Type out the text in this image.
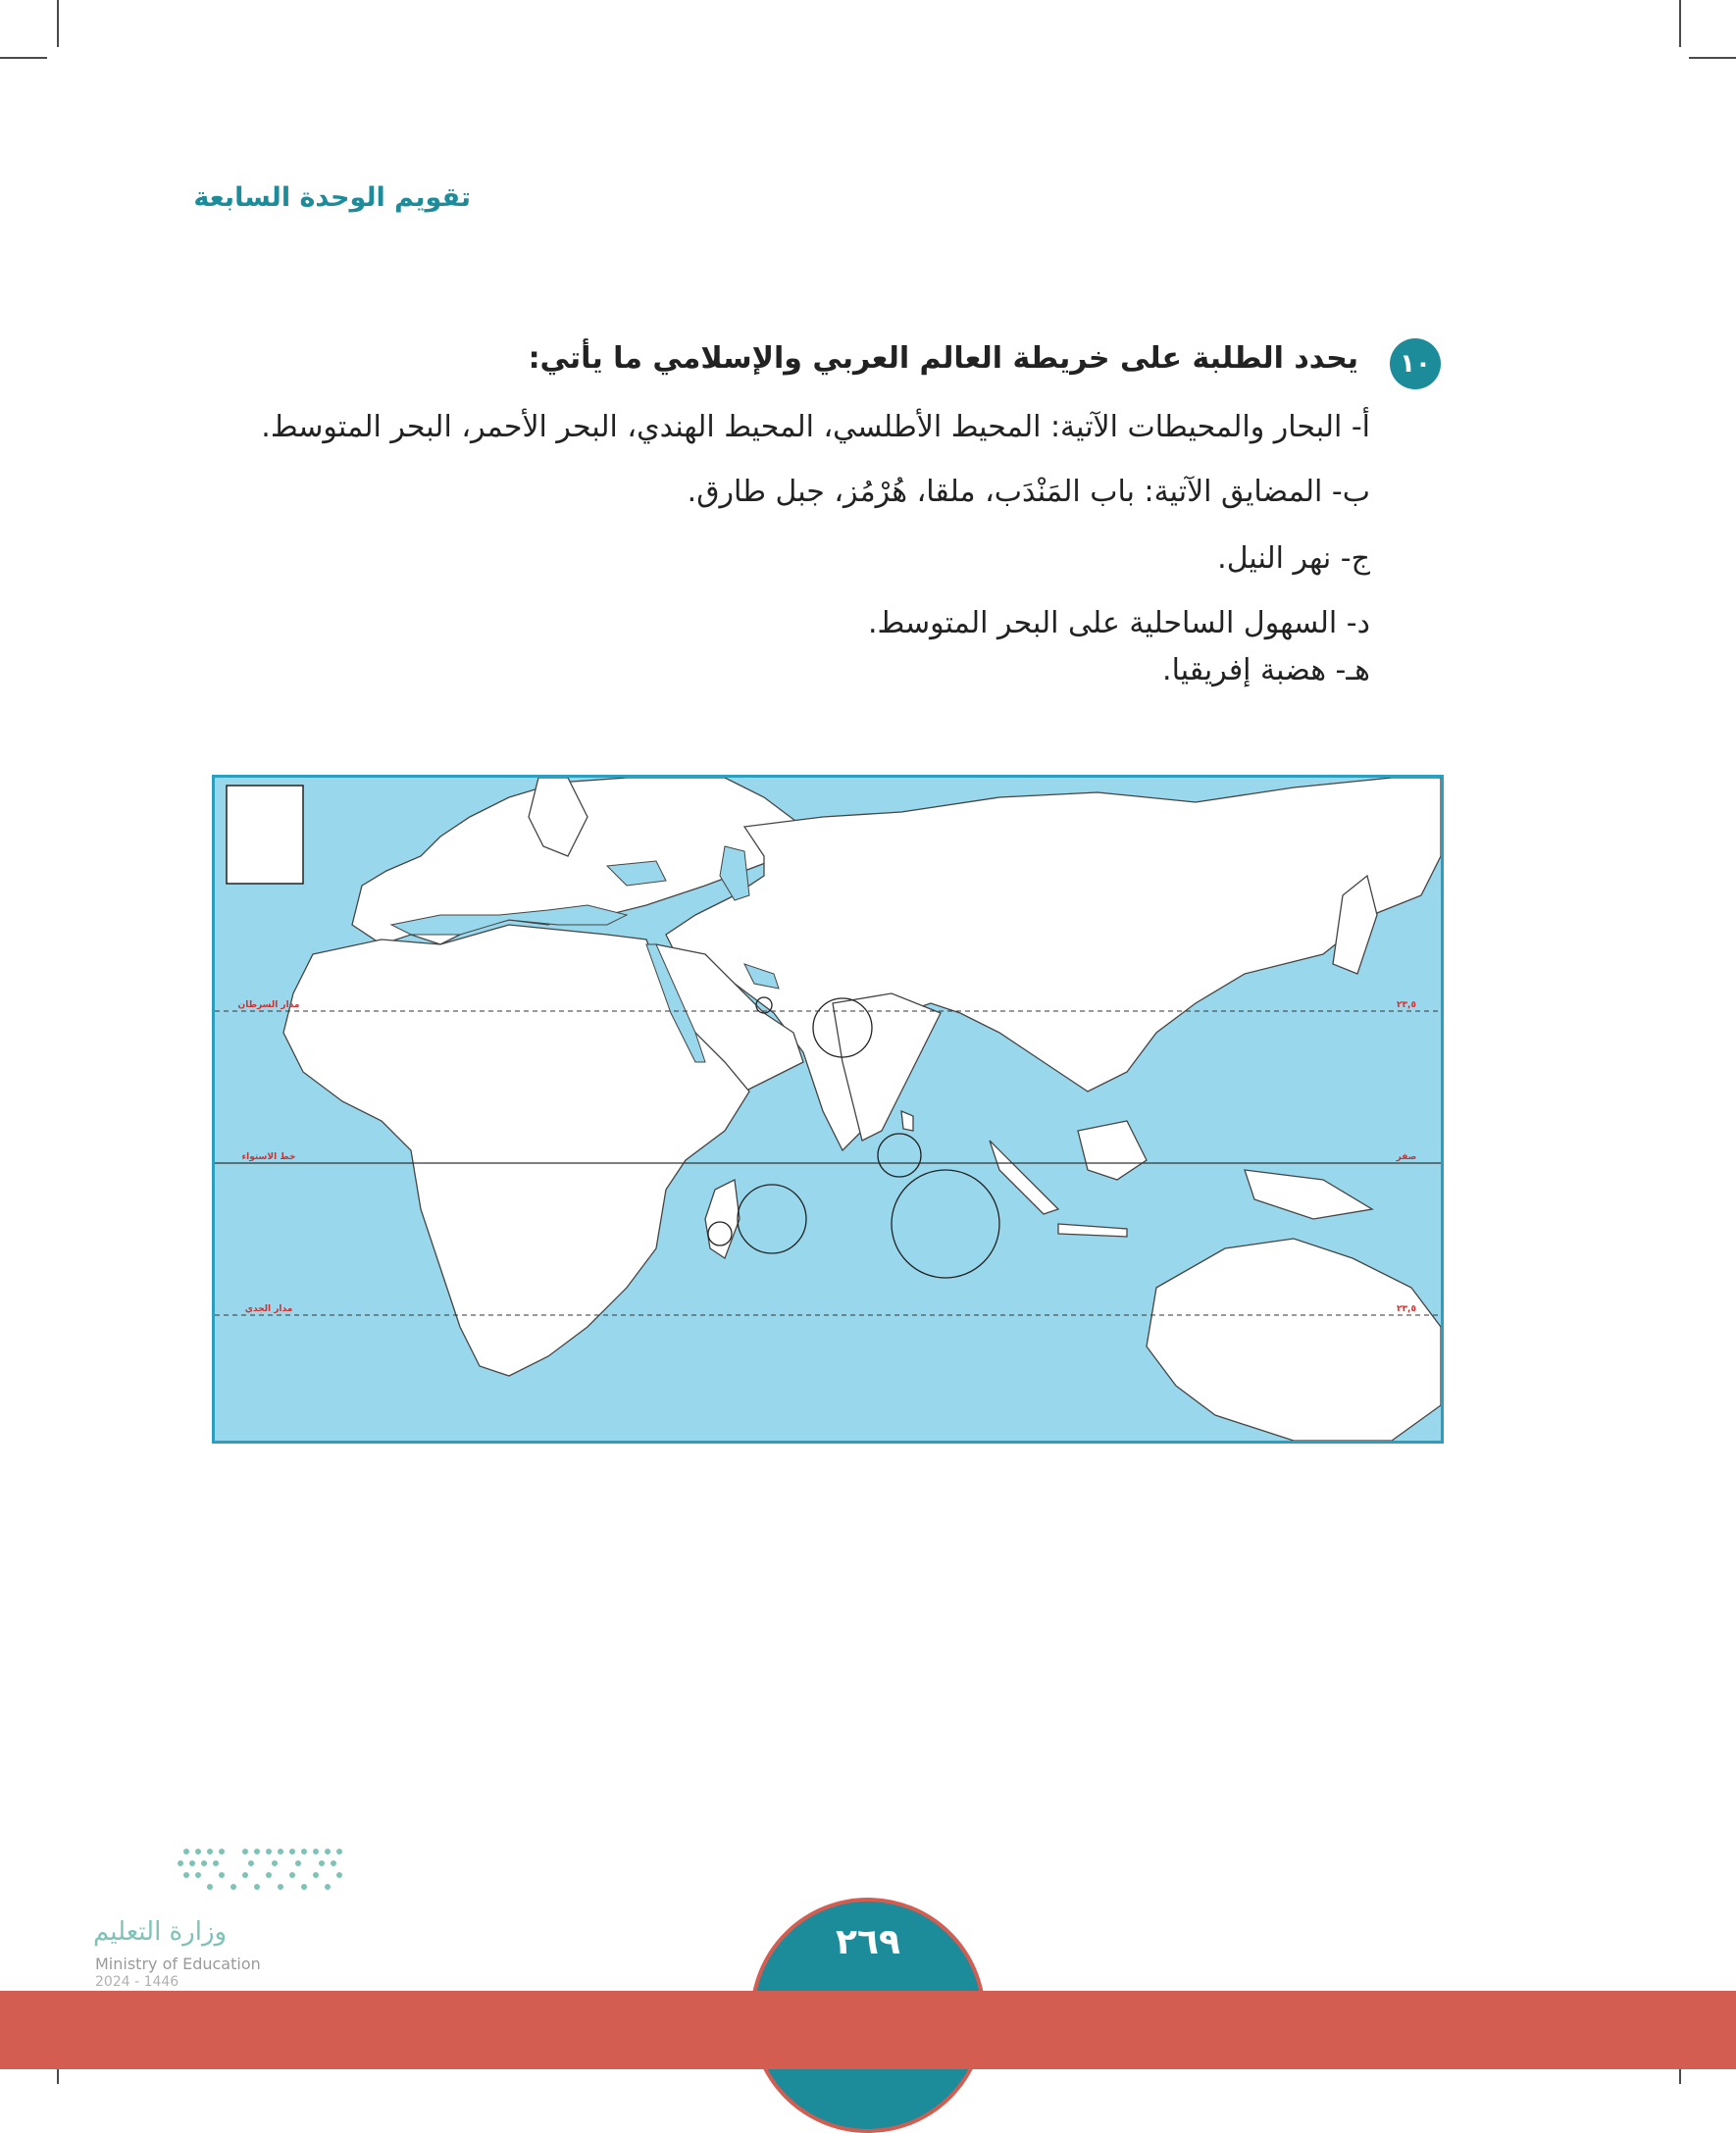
تقويم الوحدة السابعة
١٠
يحدد الطلبة على خريطة العالم العربي والإسلامي ما يأتي:
أ- البحار والمحيطات الآتية: المحيط الأطلسي، المحيط الهندي، البحر الأحمر، البحر المتوسط.
ب- المضايق الآتية: باب المَنْدَب، ملقا، هُرْمُز، جبل طارق.
ج- نهر النيل.
د- السهول الساحلية على البحر المتوسط.
هـ- هضبة إفريقيا.
مدار السرطان	٢٣,٥
خط الاستواء	صفر
مدار الجدي	٢٣,٥
وزارة التعليم
Ministry of Education
2024 - 1446
٢٦٩
